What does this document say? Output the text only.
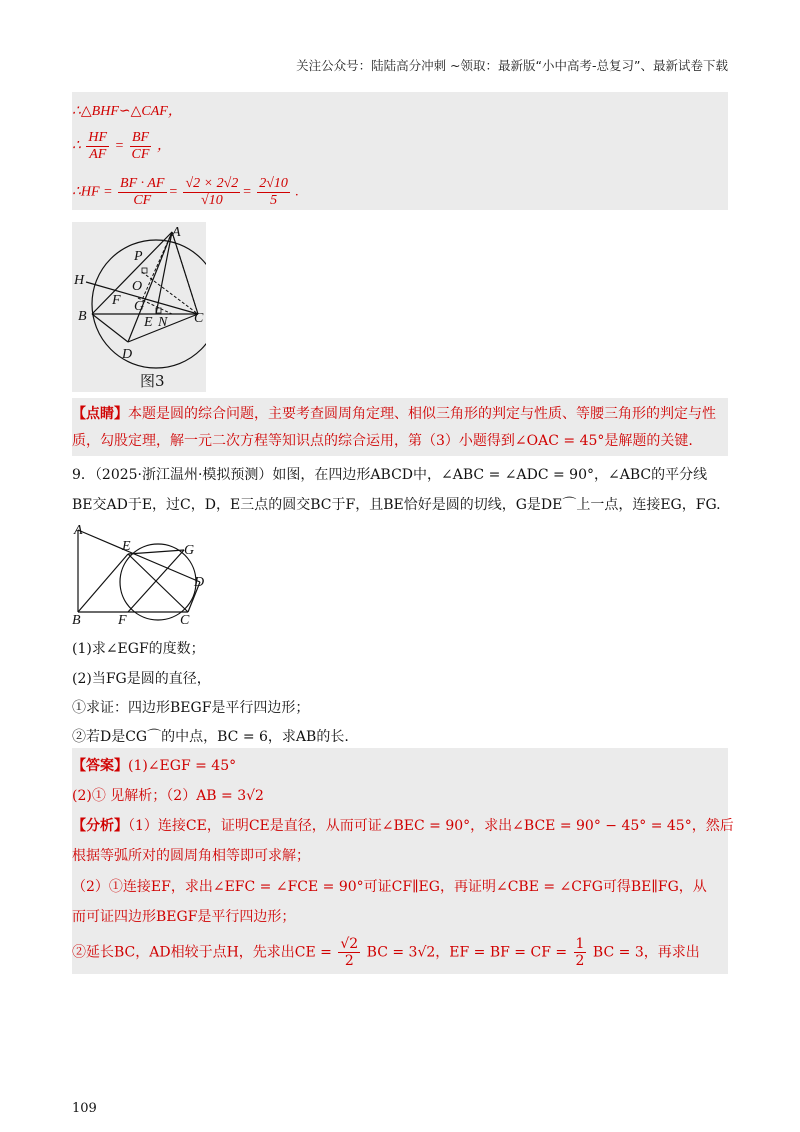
关注公众号：陆陆高分冲刺 ~领取：最新版“小中高考-总复习”、最新试卷下载
∴△BHF∽△CAF，
∴ $\frac{HF}{AF} = \frac{BF}{CF}$ ，
∴HF = $\frac{BF \cdot AF}{CF} = \frac{√2 \times 2√2}{√10} = \frac{2√10}{5}$ .
A
P
H	O
F G
B	E N C
D
图3
【点睛】本题是圆的综合问题，主要考查圆周角定理、相似三角形的判定与性质、等腰三角形的判定与性质，勾股定理，解一元二次方程等知识点的综合运用，第（3）小题得到∠OAC = 45°是解题的关键.
9．（2025·浙江温州·模拟预测）如图，在四边形ABCD中，∠ABC = ∠ADC = 90°，∠ABC的平分线
BE交AD于E，过C，D，E三点的圆交BC于F，且BE恰好是圆的切线，G是DE⌒上一点，连接EG，FG.
A
E	G
D
B	F	C
(1)求∠EGF的度数；
(2)当FG是圆的直径，
①求证：四边形BEGF是平行四边形；
②若D是CG⌒的中点，BC = 6，求AB的长.
【答案】(1)∠EGF = 45°
(2)① 见解析；（2）AB = 3√2
【分析】（1）连接CE，证明CE是直径，从而可证∠BEC = 90°，求出∠BCE = 90° − 45° = 45°，然后
根据等弧所对的圆周角相等即可求解；
（2）①连接EF，求出∠EFC = ∠FCE = 90°可证CF∥EG，再证明∠CBE = ∠CFG可得BE∥FG，从
而可证四边形BEGF是平行四边形；
②延长BC，AD相较于点H，先求出CE = $\frac{√2}{2}$ BC = 3√2，EF = BF = CF = $\frac{1}{2}$ BC = 3，再求出
109
